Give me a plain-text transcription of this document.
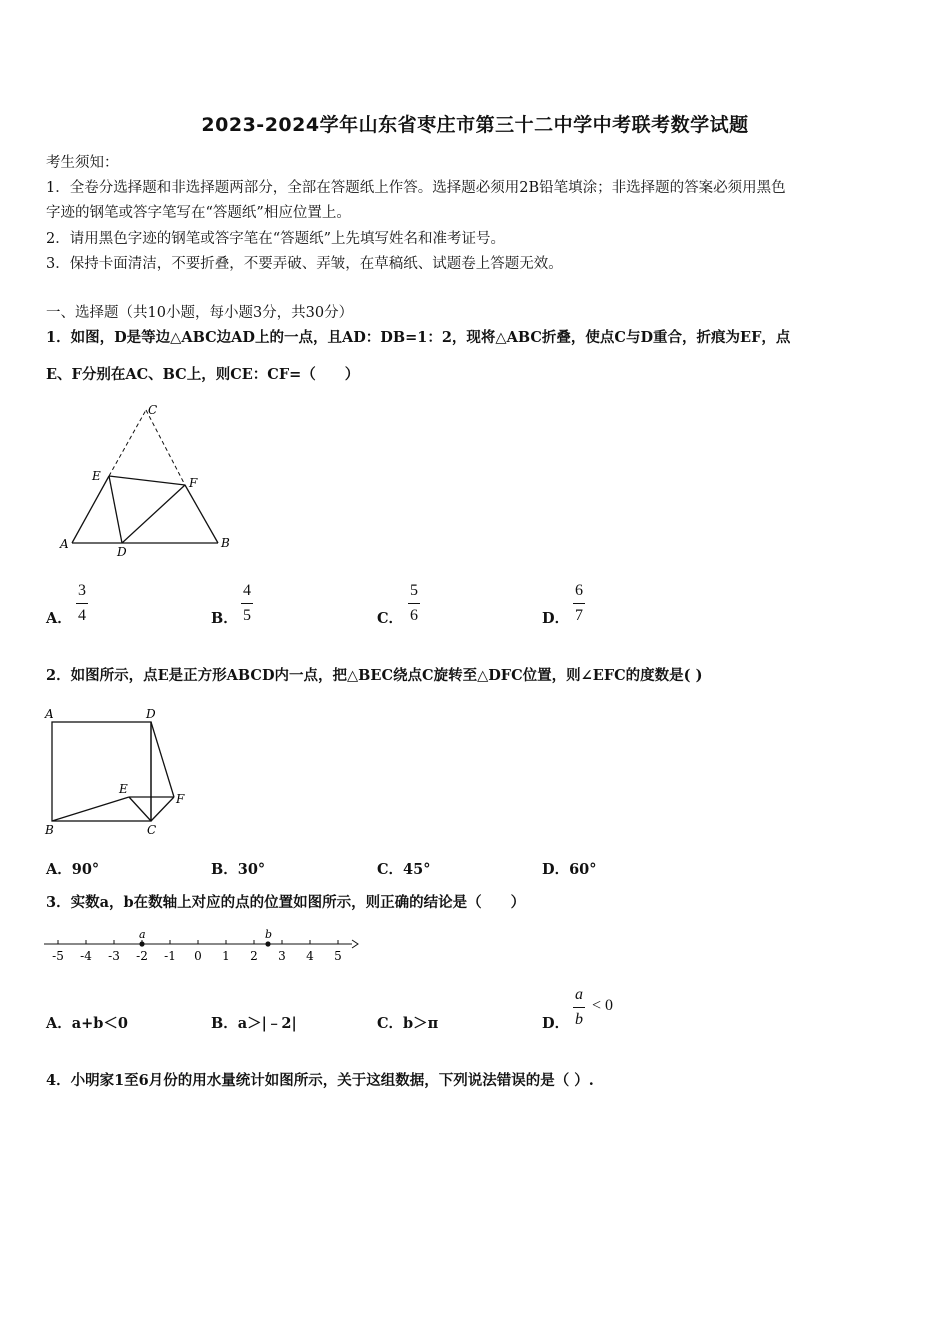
2023-2024学年山东省枣庄市第三十二中学中考联考数学试题
考生须知：
1．全卷分选择题和非选择题两部分，全部在答题纸上作答。选择题必须用2B铅笔填涂；非选择题的答案必须用黑色
字迹的钢笔或答字笔写在“答题纸”相应位置上。
2．请用黑色字迹的钢笔或答字笔在“答题纸”上先填写姓名和准考证号。
3．保持卡面清洁，不要折叠，不要弄破、弄皱，在草稿纸、试题卷上答题无效。
一、选择题（共10小题，每小题3分，共30分）
1．如图，D是等边△ABC边AD上的一点，且AD：DB=1：2，现将△ABC折叠，使点C与D重合，折痕为EF，点
E、F分别在AC、BC上，则CE：CF=（　　）
C
E	F
A
D
B
A．
3
4	B．
4
5	C．
5
6	D．
6
7
2．如图所示，点E是正方形ABCD内一点，把△BEC绕点C旋转至△DFC位置，则∠EFC的度数是( )
A	D
E
F
B	C
A．90°	B．30°	C．45°	D．60°
3．实数a，b在数轴上对应的点的位置如图所示，则正确的结论是（　　）
-5 -4 -3 -2 -1 0 1 2 3 4 5
a	b
A．a+b＜0	B．a＞|﹣2|	C．b＞π	D．
a
b
< 0
4．小明家1至6月份的用水量统计如图所示，关于这组数据，下列说法错误的是（ ）.
